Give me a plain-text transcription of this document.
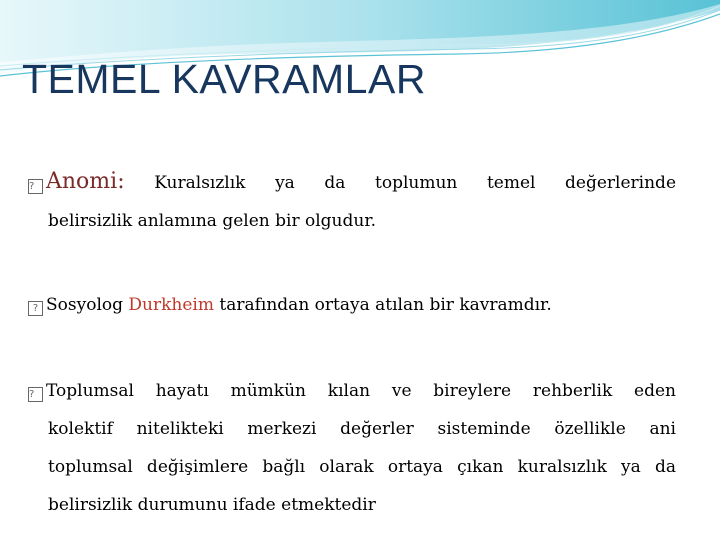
TEMEL KAVRAMLAR
? Anomi: Kuralsızlık ya da toplumun temel değerlerinde
belirsizlik anlamına gelen bir olgudur.
? Sosyolog Durkheim tarafından ortaya atılan bir kavramdır.
? Toplumsal hayatı mümkün kılan ve bireylere rehberlik eden
kolektif nitelikteki merkezi değerler sisteminde özellikle ani
toplumsal değişimlere bağlı olarak ortaya çıkan kuralsızlık ya da
belirsizlik durumunu ifade etmektedir
